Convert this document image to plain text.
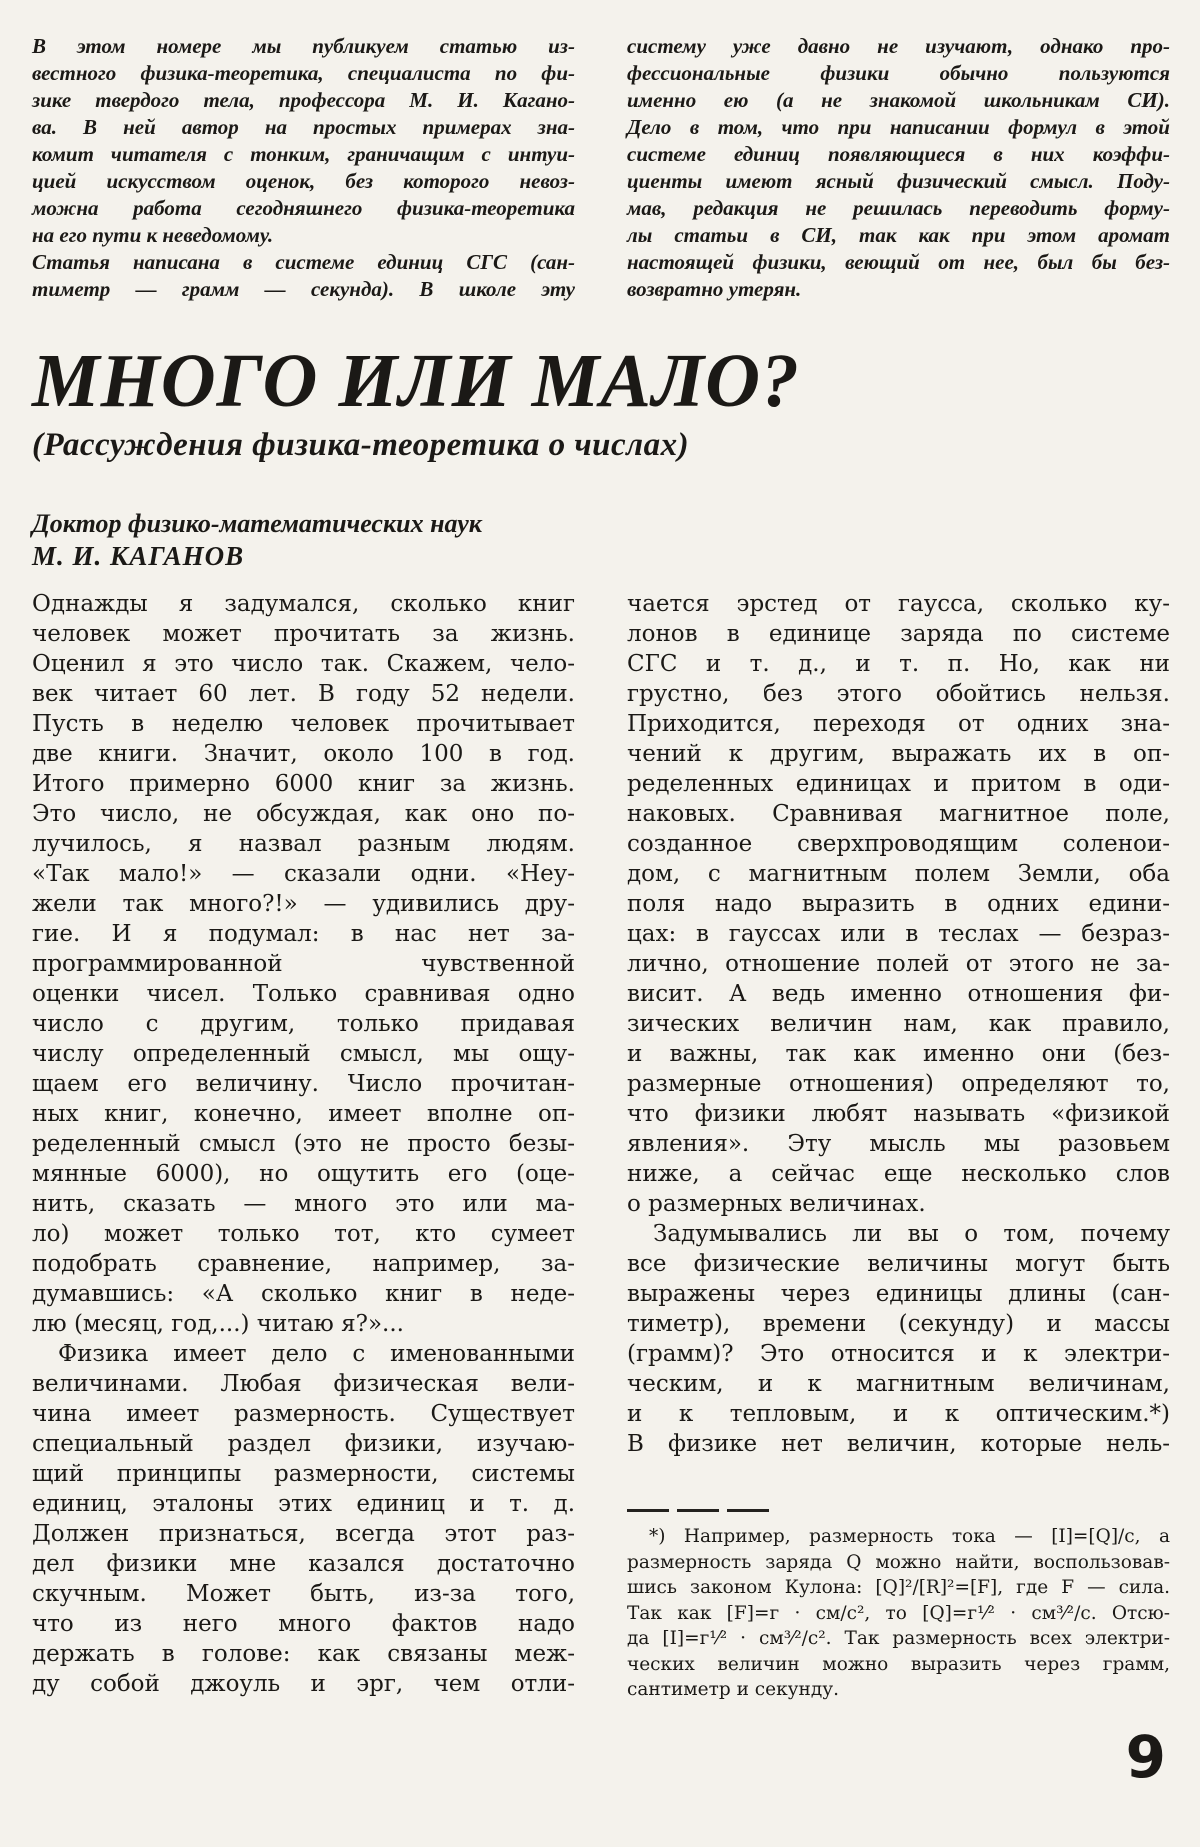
В этом номере мы публикуем статью из-
вестного физика-теоретика, специалиста по фи-
зике твердого тела, профессора М. И. Кагано-
ва. В ней автор на простых примерах зна-
комит читателя с тонким, граничащим с интуи-
цией искусством оценок, без которого невоз-
можна работа сегодняшнего физика-теоретика
на его пути к неведомому.
Статья написана в системе единиц СГС (сан-
тиметр — грамм — секунда). В школе эту
систему уже давно не изучают, однако про-
фессиональные физики обычно пользуются
именно ею (а не знакомой школьникам СИ).
Дело в том, что при написании формул в этой
системе единиц появляющиеся в них коэффи-
циенты имеют ясный физический смысл. Поду-
мав, редакция не решилась переводить форму-
лы статьи в СИ, так как при этом аромат
настоящей физики, веющий от нее, был бы без-
возвратно утерян.
МНОГО ИЛИ МАЛО?
(Рассуждения физика-теоретика о числах)
Доктор физико-математических наук
М. И. КАГАНОВ
Однажды я задумался, сколько книг
человек может прочитать за жизнь.
Оценил я это число так. Скажем, чело-
век читает 60 лет. В году 52 недели.
Пусть в неделю человек прочитывает
две книги. Значит, около 100 в год.
Итого примерно 6000 книг за жизнь.
Это число, не обсуждая, как оно по-
лучилось, я назвал разным людям.
«Так мало!» — сказали одни. «Неу-
жели так много?!» — удивились дру-
гие. И я подумал: в нас нет за-
программированной чувственной
оценки чисел. Только сравнивая одно
число с другим, только придавая
числу определенный смысл, мы ощу-
щаем его величину. Число прочитан-
ных книг, конечно, имеет вполне оп-
ределенный смысл (это не просто безы-
мянные 6000), но ощутить его (оце-
нить, сказать — много это или ма-
ло) может только тот, кто сумеет
подобрать сравнение, например, за-
думавшись: «А сколько книг в неде-
лю (месяц, год,...) читаю я?»...
Физика имеет дело с именованными
величинами. Любая физическая вели-
чина имеет размерность. Существует
специальный раздел физики, изучаю-
щий принципы размерности, системы
единиц, эталоны этих единиц и т. д.
Должен признаться, всегда этот раз-
дел физики мне казался достаточно
скучным. Может быть, из-за того,
что из него много фактов надо
держать в голове: как связаны меж-
ду собой джоуль и эрг, чем отли-
чается эрстед от гаусса, сколько ку-
лонов в единице заряда по системе
СГС и т. д., и т. п. Но, как ни
грустно, без этого обойтись нельзя.
Приходится, переходя от одних зна-
чений к другим, выражать их в оп-
ределенных единицах и притом в оди-
наковых. Сравнивая магнитное поле,
созданное сверхпроводящим соленои-
дом, с магнитным полем Земли, оба
поля надо выразить в одних едини-
цах: в гауссах или в теслах — безраз-
лично, отношение полей от этого не за-
висит. А ведь именно отношения фи-
зических величин нам, как правило,
и важны, так как именно они (без-
размерные отношения) определяют то,
что физики любят называть «физикой
явления». Эту мысль мы разовьем
ниже, а сейчас еще несколько слов
о размерных величинах.
Задумывались ли вы о том, почему
все физические величины могут быть
выражены через единицы длины (сан-
тиметр), времени (секунду) и массы
(грамм)? Это относится и к электри-
ческим, и к магнитным величинам,
и к тепловым, и к оптическим.*)
В физике нет величин, которые нель-
*) Например, размерность тока — [I]=[Q]/с, а
размерность заряда Q можно найти, воспользовав-
шись законом Кулона: [Q]²/[R]²=[F], где F — сила.
Так как [F]=г · см/с², то [Q]=г¹⁄² · см³⁄²/с. Отсю-
да [I]=г¹⁄² · см³⁄²/с². Так размерность всех электри-
ческих величин можно выразить через грамм,
сантиметр и секунду.
9
